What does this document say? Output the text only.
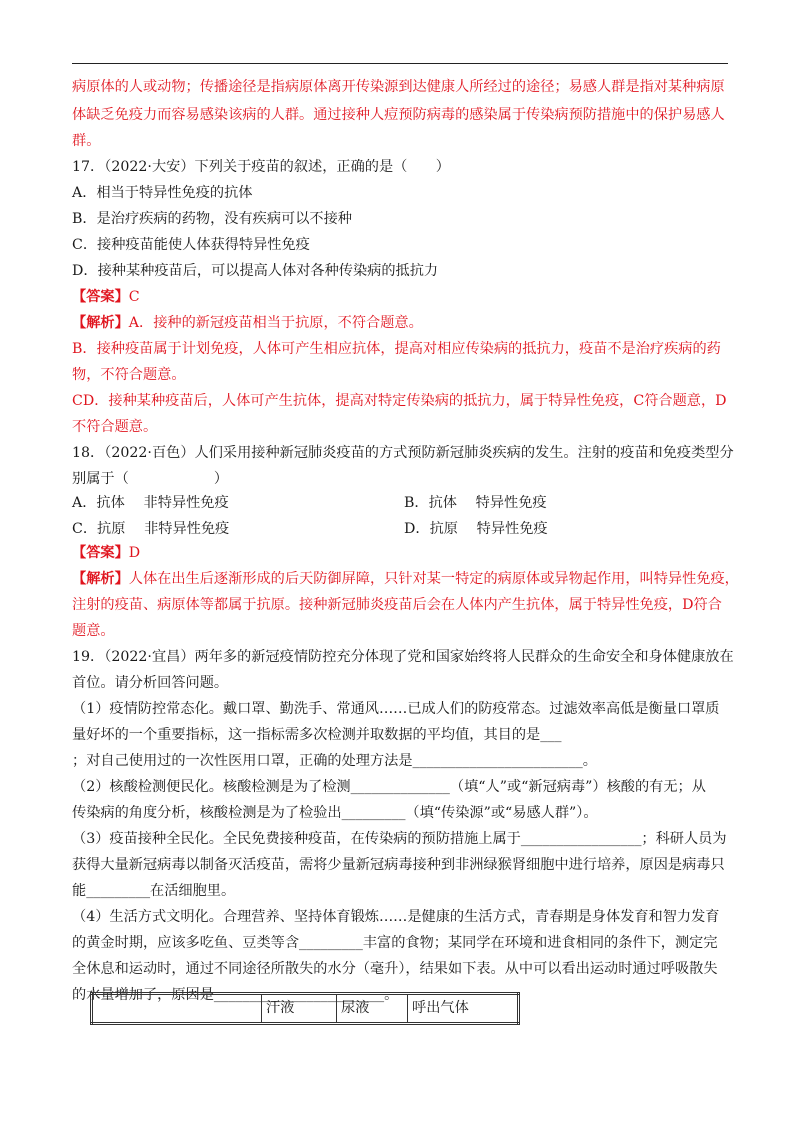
病原体的人或动物；传播途径是指病原体离开传染源到达健康人所经过的途径；易感人群是指对某种病原
体缺乏免疫力而容易感染该病的人群。通过接种人痘预防病毒的感染属于传染病预防措施中的保护易感人
群。
17．（2022·大安）下列关于疫苗的叙述，正确的是（　　）
A．相当于特异性免疫的抗体
B．是治疗疾病的药物，没有疾病可以不接种
C．接种疫苗能使人体获得特异性免疫
D．接种某种疫苗后，可以提高人体对各种传染病的抵抗力
【答案】C
【解析】A．接种的新冠疫苗相当于抗原，不符合题意。
B．接种疫苗属于计划免疫，人体可产生相应抗体，提高对相应传染病的抵抗力，疫苗不是治疗疾病的药
物，不符合题意。
CD．接种某种疫苗后，人体可产生抗体，提高对特定传染病的抵抗力，属于特异性免疫，C符合题意，D
不符合题意。
18．（2022·百色）人们采用接种新冠肺炎疫苗的方式预防新冠肺炎疾病的发生。注射的疫苗和免疫类型分
别属于（　　　　　　）
A．抗体　 非特异性免疫	B．抗体　 特异性免疫
C．抗原　 非特异性免疫	D．抗原　 特异性免疫
【答案】D
【解析】人体在出生后逐渐形成的后天防御屏障，只针对某一特定的病原体或异物起作用，叫特异性免疫，
注射的疫苗、病原体等都属于抗原。接种新冠肺炎疫苗后会在人体内产生抗体，属于特异性免疫，D符合
题意。
19．（2022·宜昌）两年多的新冠疫情防控充分体现了党和国家始终将人民群众的生命安全和身体健康放在
首位。请分析回答问题。
（1）疫情防控常态化。戴口罩、勤洗手、常通风……已成人们的防疫常态。过滤效率高低是衡量口罩质
量好坏的一个重要指标，这一指标需多次检测并取数据的平均值，其目的是___
；对自己使用过的一次性医用口罩，正确的处理方法是________________________。
（2）核酸检测便民化。核酸检测是为了检测______________（填“人”或“新冠病毒”）核酸的有无；从
传染病的角度分析，核酸检测是为了检验出_________（填“传染源”或“易感人群”）。
（3）疫苗接种全民化。全民免费接种疫苗，在传染病的预防措施上属于_________________；科研人员为
获得大量新冠病毒以制备灭活疫苗，需将少量新冠病毒接种到非洲绿猴肾细胞中进行培养，原因是病毒只
能_________在活细胞里。
（4）生活方式文明化。合理营养、坚持体育锻炼……是健康的生活方式，青春期是身体发育和智力发育
的黄金时期，应该多吃鱼、豆类等含_________丰富的食物；某同学在环境和进食相同的条件下，测定完
全休息和运动时，通过不同途径所散失的水分（毫升），结果如下表。从中可以看出运动时通过呼吸散失
的水量增加了，原因是________________________。
	汗液	尿液	呼出气体
